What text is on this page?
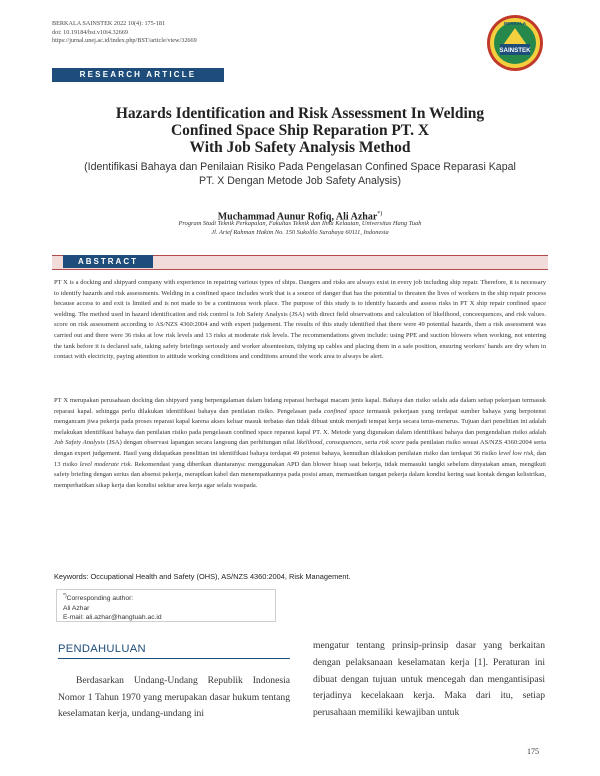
BERKALA SAINSTEK 2022 10(4): 175-181
doi: 10.19184/bst.v10i4.32669
https://jurnal.unej.ac.id/index.php/BST/article/view/32669
BERKALA
SAINSTEK
RESEARCH ARTICLE
Hazards Identification and Risk Assessment In Welding
Confined Space Ship Reparation PT. X
With Job Safety Analysis Method
(Identifikasi Bahaya dan Penilaian Risiko Pada Pengelasan Confined Space Reparasi Kapal
PT. X Dengan Metode Job Safety Analysis)
Muchammad Aunur Rofiq, Ali Azhar*)
Program Studi Teknik Perkapalan, Fakultas Teknik dan Ilmu Kelautan, Universitas Hang Tuah
Jl. Arief Rahman Hakim No. 150 Sukolilo Surabaya 60111, Indonesia
ABSTRACT
PT X is a docking and shipyard company with experience in repairing various types of ships. Dangers and risks are always exist in every job including ship repair. Therefore, it is necessary to identify hazards and risk assessments. Welding in a confined space includes work that is a source of danger that has the potential to threaten the lives of workers in the ship repair process because access to and exit is limited and is not made to be a continuous work place. The purpose of this study is to identify hazards and assess risks in PT X ship repair confined space welding. The method used in hazard identification and risk control is Job Safety Analysis (JSA) with direct field observations and calculation of likelihood, conceequences, and risk values. score on risk assessment according to AS/NZS 4360:2004 and with expert judgement. The results of this study identified that there were 49 potential hazards, then a risk assessment was carried out and there were 36 risks at low risk levels and 13 risks at moderate risk levels. The recommendations given include: using PPE and suction blowers when working, not entering the tank before it is declared safe, taking safety briefings seriously and worker absenteeism, tidying up cables and placing them in a safe position, ensuring workers' hands are dry when in contact with electricity, paying attention to attitude working conditions and conditions around the work area to always be alert.
PT X merupakan perusahaan docking dan shipyard yang berpengalaman dalam bidang reparasi berbagai macam jenis kapal. Bahaya dan risiko selalu ada dalam setiap pekerjaan termasuk reparasi kapal. sehingga perlu dilakukan identifikasi bahaya dan penilaian risiko. Pengelasan pada confined space termasuk pekerjaan yang terdapat sumber bahaya yang berpotensi mengancam jiwa pekerja pada proses reparasi kapal karena akses keluar masuk terbatas dan tidak dibuat untuk menjadi tempat kerja secara terus-menerus. Tujuan dari penelitian ini adalah melakukan identifikasi bahaya dan penilaian risiko pada pengelasan confined space reparasi kapal PT. X. Metode yang digunakan dalam identifikasi bahaya dan pengendalian risiko adalah Job Safety Analysis (JSA) dengan observasi lapangan secara langsung dan perhitungan nilai likelihood, consequences, serta risk score pada penilaian risiko sesuai AS/NZS 4360:2004 serta dengan expert judgement. Hasil yang didapatkan penelitian ini identifikasi bahaya terdapat 49 potensi bahaya, kemudian dilakukan penilaian risiko dan terdapat 36 risiko level low risk, dan 13 risiko level moderate risk. Rekomendasi yang diberikan diantaranya: menggunakan APD dan blower hisap saat bekerja, tidak memasuki tangki sebelum dinyatakan aman, mengikuti safety briefing dengan serius dan absensi pekerja, merapikan kabel dan menempatkannya pada posisi aman, memastikan tangan pekerja dalam kondisi kering saat kontak dengan kelistrikan, memperhatikan sikap kerja dan kondisi sekitar area kerja agar selalu waspada.
Keywords: Occupational Health and Safety (OHS), AS/NZS 4360:2004, Risk Management.
*)Corresponding author:
Ali Azhar
E-mail: ali.azhar@hangtuah.ac.id
PENDAHULUAN
Berdasarkan Undang-Undang Republik Indonesia Nomor 1 Tahun 1970 yang merupakan dasar hukum tentang keselamatan kerja, undang-undang ini
mengatur tentang prinsip-prinsip dasar yang berkaitan dengan pelaksanaan keselamatan kerja [1]. Peraturan ini dibuat dengan tujuan untuk mencegah dan mengantisipasi terjadinya kecelakaan kerja. Maka dari itu, setiap perusahaan memiliki kewajiban untuk
175
